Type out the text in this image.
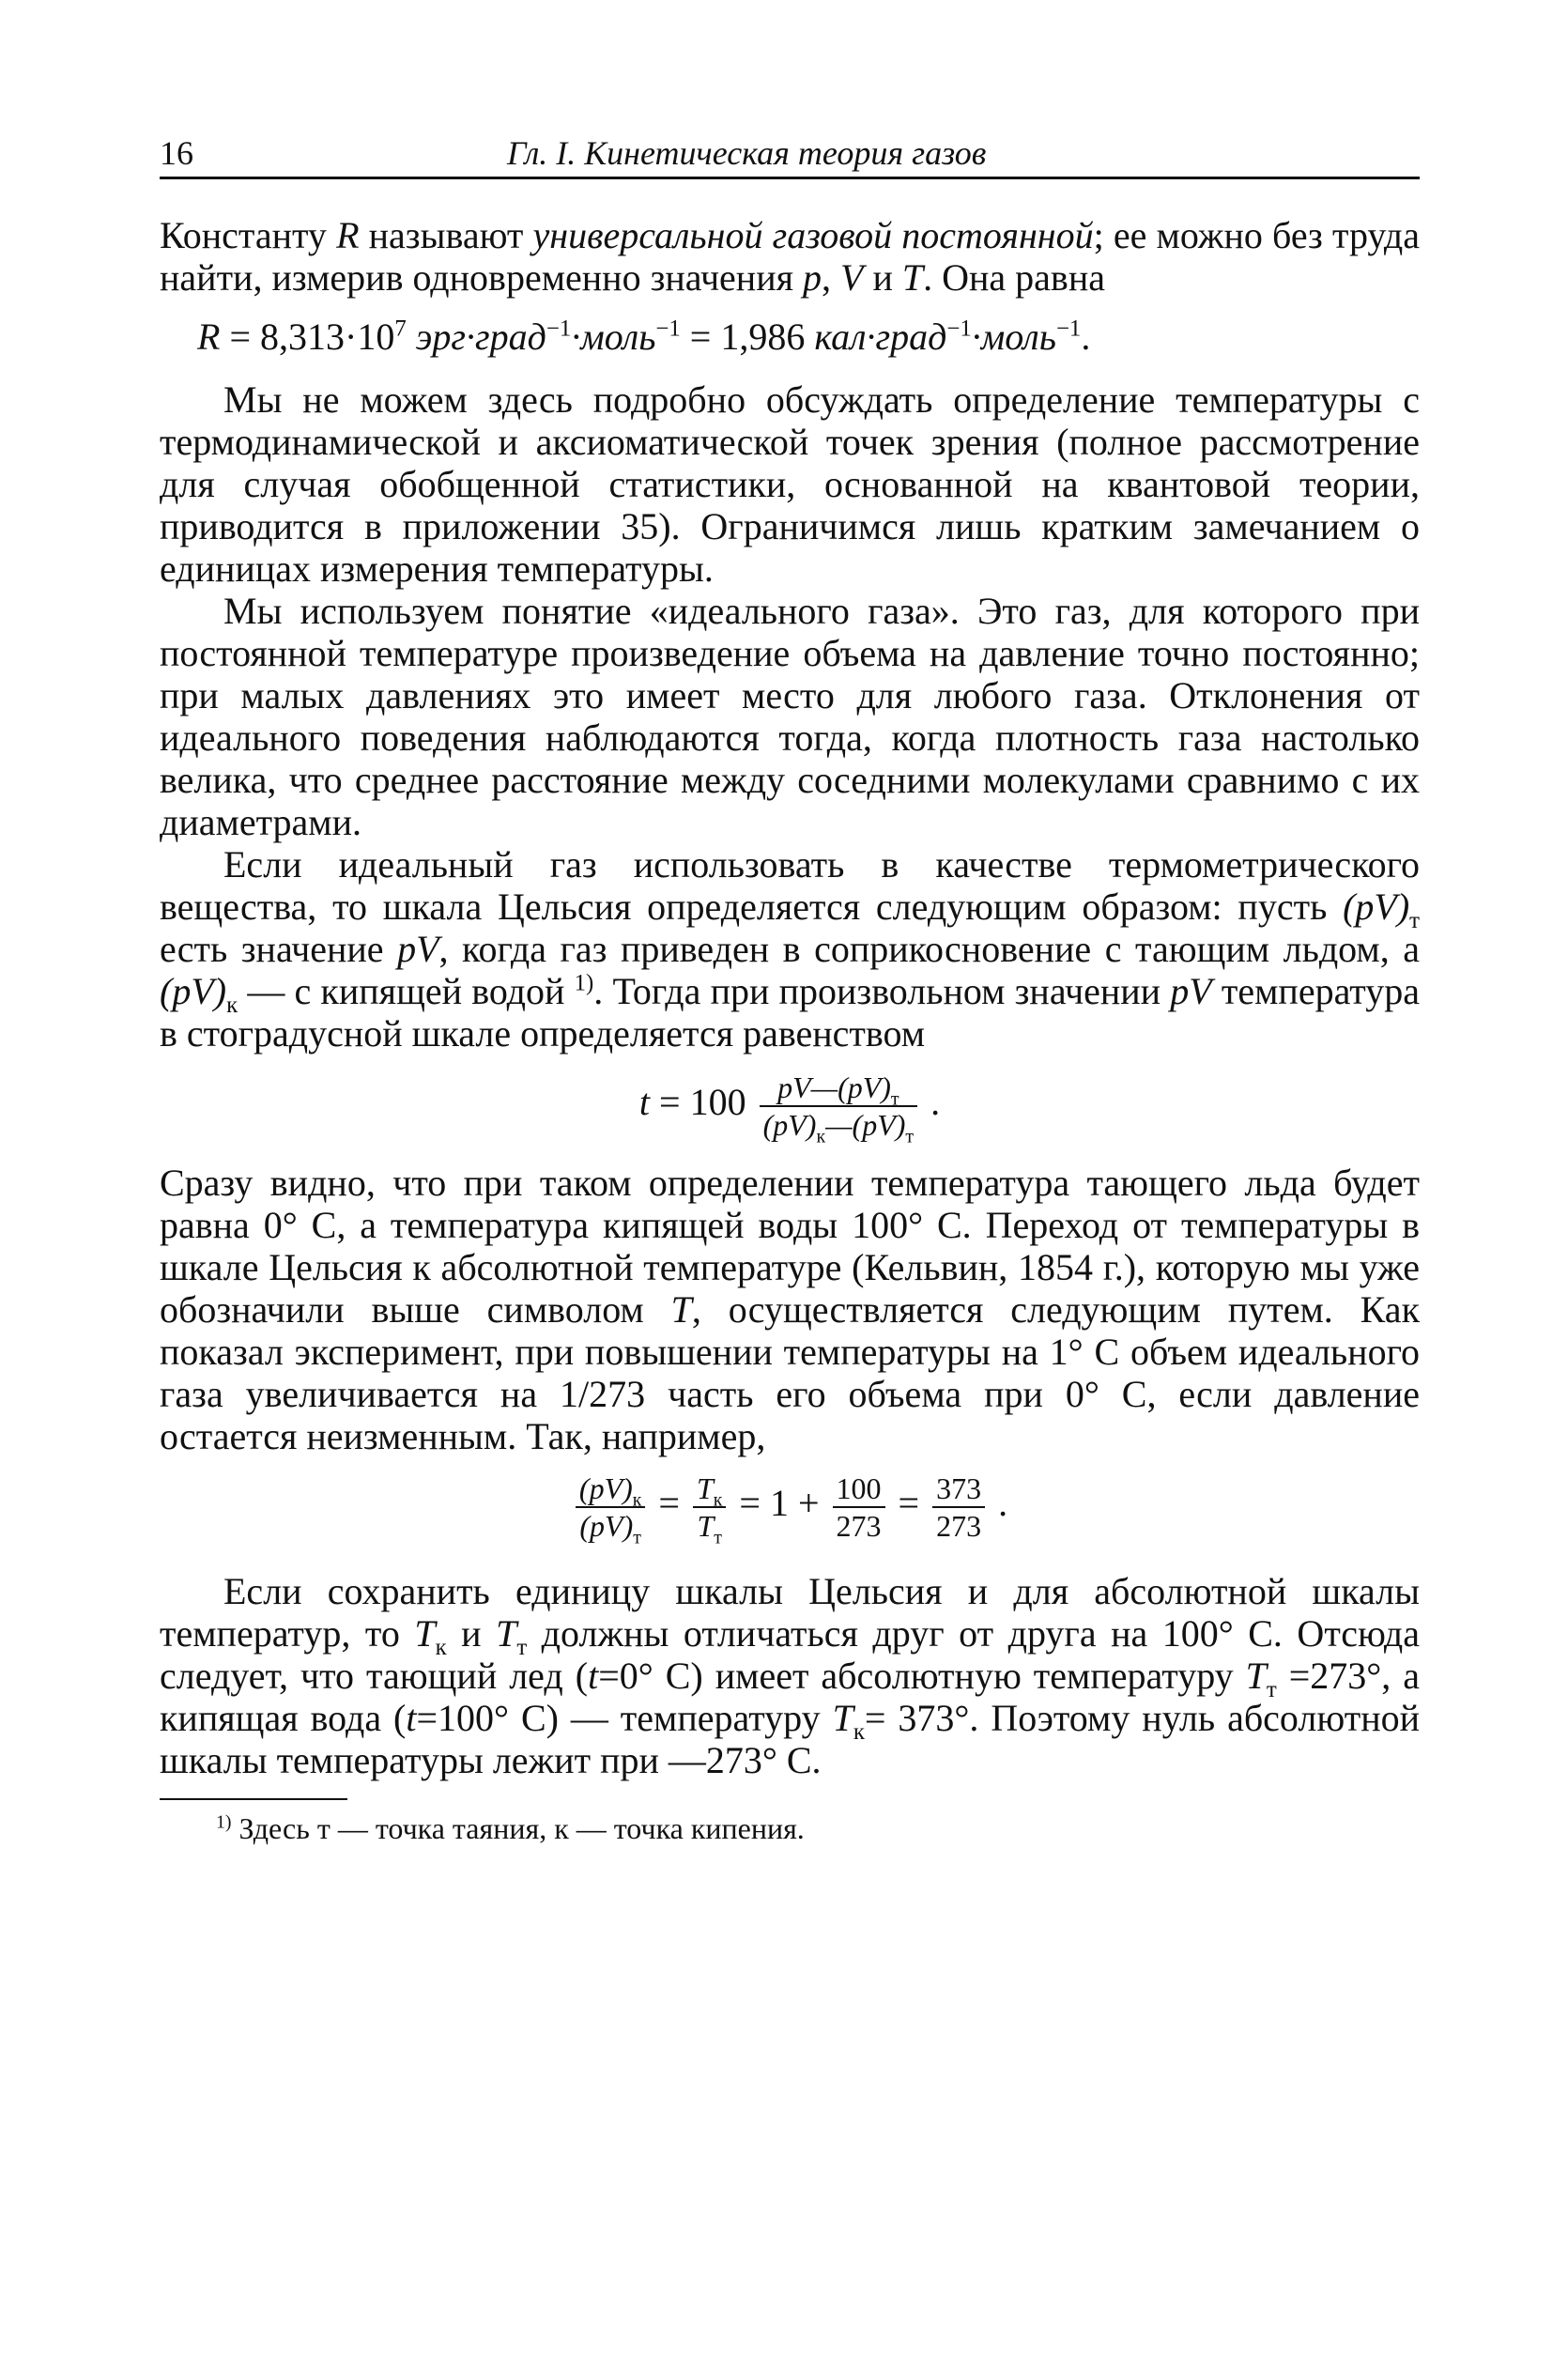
16	Гл. I. Кинетическая теория газов

Константу R называют универсальной газовой постоянной; ее можно без труда найти, измерив одновременно значения p, V и T. Она равна

$R = 8,313\cdot 10^7$ эрг·град$^{-1}$·моль$^{-1}$ = 1,986 кал·град$^{-1}$·моль$^{-1}$.

Мы не можем здесь подробно обсуждать определение температуры с термодинамической и аксиоматической точек зрения (полное рассмотрение для случая обобщенной статистики, основанной на квантовой теории, приводится в приложении 35). Ограничимся лишь кратким замечанием о единицах измерения температуры.

Мы используем понятие «идеального газа». Это газ, для которого при постоянной температуре произведение объема на давление точно постоянно; при малых давлениях это имеет место для любого газа. Отклонения от идеального поведения наблюдаются тогда, когда плотность газа настолько велика, что среднее расстояние между соседними молекулами сравнимо с их диаметрами.

Если идеальный газ использовать в качестве термометрического вещества, то шкала Цельсия определяется следующим образом: пусть $(pV)_т$ есть значение pV, когда газ приведен в соприкосновение с тающим льдом, а $(pV)_к$ — с кипящей водой $^{1)}$. Тогда при произвольном значении pV температура в стоградусной шкале определяется равенством

$t = 100 \frac{pV—(pV)_т}{(pV)_к—(pV)_т}$ .

Сразу видно, что при таком определении температура тающего льда будет равна 0° С, а температура кипящей воды 100° С. Переход от температуры в шкале Цельсия к абсолютной температуре (Кельвин, 1854 г.), которую мы уже обозначили выше символом T, осуществляется следующим путем. Как показал эксперимент, при повышении температуры на 1° С объем идеального газа увеличивается на 1/273 часть его объема при 0° С, если давление остается неизменным. Так, например,

$\frac{(pV)_к}{(pV)_т} = \frac{T_к}{T_т} = 1 + \frac{100}{273} = \frac{373}{273}$ .

Если сохранить единицу шкалы Цельсия и для абсолютной шкалы температур, то $T_к$ и $T_т$ должны отличаться друг от друга на 100° С. Отсюда следует, что тающий лед (t=0° С) имеет абсолютную температуру $T_т =273^\circ$, а кипящая вода (t=100° С) — температуру $T_к= 373^\circ$. Поэтому нуль абсолютной шкалы температуры лежит при —273° С.

$^{1)}$ Здесь т — точка таяния, к — точка кипения.
